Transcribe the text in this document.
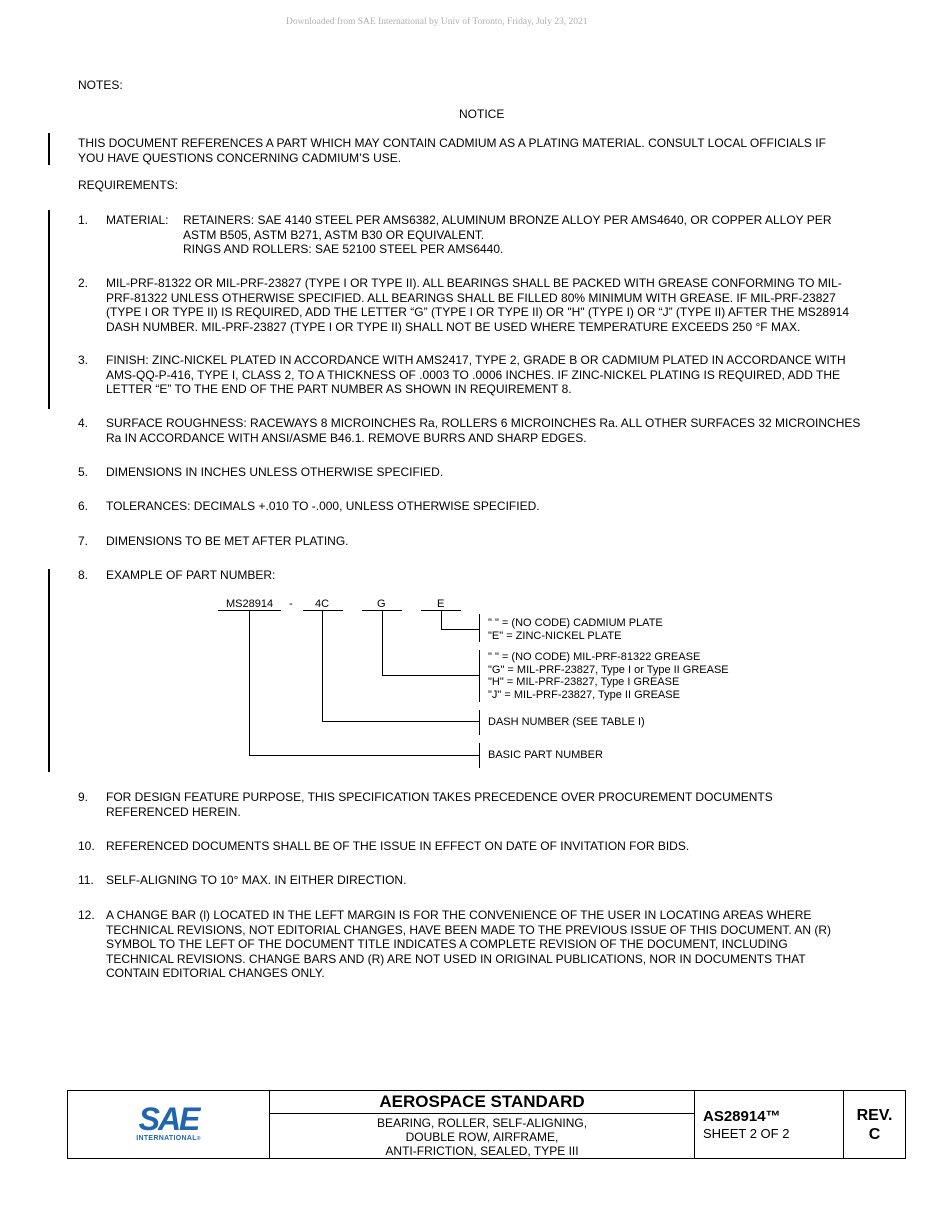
Downloaded from SAE International by Univ of Toronto, Friday, July 23, 2021
NOTES:
NOTICE
THIS DOCUMENT REFERENCES A PART WHICH MAY CONTAIN CADMIUM AS A PLATING MATERIAL. CONSULT LOCAL OFFICIALS IF
YOU HAVE QUESTIONS CONCERNING CADMIUM’S USE.
REQUIREMENTS:
1. MATERIAL: RETAINERS: SAE 4140 STEEL PER AMS6382, ALUMINUM BRONZE ALLOY PER AMS4640, OR COPPER ALLOY PER
ASTM B505, ASTM B271, ASTM B30 OR EQUIVALENT.
RINGS AND ROLLERS: SAE 52100 STEEL PER AMS6440.
2. MIL-PRF-81322 OR MIL-PRF-23827 (TYPE I OR TYPE II). ALL BEARINGS SHALL BE PACKED WITH GREASE CONFORMING TO MIL-
PRF-81322 UNLESS OTHERWISE SPECIFIED. ALL BEARINGS SHALL BE FILLED 80% MINIMUM WITH GREASE. IF MIL-PRF-23827
(TYPE I OR TYPE II) IS REQUIRED, ADD THE LETTER “G” (TYPE I OR TYPE II) OR "H" (TYPE I) OR “J” (TYPE II) AFTER THE MS28914
DASH NUMBER. MIL-PRF-23827 (TYPE I OR TYPE II) SHALL NOT BE USED WHERE TEMPERATURE EXCEEDS 250 °F MAX.
3. FINISH: ZINC-NICKEL PLATED IN ACCORDANCE WITH AMS2417, TYPE 2, GRADE B OR CADMIUM PLATED IN ACCORDANCE WITH
AMS-QQ-P-416, TYPE I, CLASS 2, TO A THICKNESS OF .0003 TO .0006 INCHES. IF ZINC-NICKEL PLATING IS REQUIRED, ADD THE
LETTER “E” TO THE END OF THE PART NUMBER AS SHOWN IN REQUIREMENT 8.
4. SURFACE ROUGHNESS: RACEWAYS 8 MICROINCHES Ra, ROLLERS 6 MICROINCHES Ra. ALL OTHER SURFACES 32 MICROINCHES
Ra IN ACCORDANCE WITH ANSI/ASME B46.1. REMOVE BURRS AND SHARP EDGES.
5. DIMENSIONS IN INCHES UNLESS OTHERWISE SPECIFIED.
6. TOLERANCES: DECIMALS +.010 TO -.000, UNLESS OTHERWISE SPECIFIED.
7. DIMENSIONS TO BE MET AFTER PLATING.
8. EXAMPLE OF PART NUMBER:
MS28914 - 4C	G	E
" " = (NO CODE) CADMIUM PLATE
"E" = ZINC-NICKEL PLATE
" " = (NO CODE) MIL-PRF-81322 GREASE
"G" = MIL-PRF-23827, Type I or Type II GREASE
"H" = MIL-PRF-23827, Type I GREASE
"J" = MIL-PRF-23827, Type II GREASE
DASH NUMBER (SEE TABLE I)
BASIC PART NUMBER
9. FOR DESIGN FEATURE PURPOSE, THIS SPECIFICATION TAKES PRECEDENCE OVER PROCUREMENT DOCUMENTS
REFERENCED HEREIN.
10. REFERENCED DOCUMENTS SHALL BE OF THE ISSUE IN EFFECT ON DATE OF INVITATION FOR BIDS.
11. SELF-ALIGNING TO 10° MAX. IN EITHER DIRECTION.
12. A CHANGE BAR (l) LOCATED IN THE LEFT MARGIN IS FOR THE CONVENIENCE OF THE USER IN LOCATING AREAS WHERE
TECHNICAL REVISIONS, NOT EDITORIAL CHANGES, HAVE BEEN MADE TO THE PREVIOUS ISSUE OF THIS DOCUMENT. AN (R)
SYMBOL TO THE LEFT OF THE DOCUMENT TITLE INDICATES A COMPLETE REVISION OF THE DOCUMENT, INCLUDING
TECHNICAL REVISIONS. CHANGE BARS AND (R) ARE NOT USED IN ORIGINAL PUBLICATIONS, NOR IN DOCUMENTS THAT
CONTAIN EDITORIAL CHANGES ONLY.
SAE
INTERNATIONAL®
	AEROSPACE STANDARD	
AS28914™
SHEET 2 OF 2

REV.
C

BEARING, ROLLER, SELF-ALIGNING,
DOUBLE ROW, AIRFRAME,
ANTI-FRICTION, SEALED, TYPE III
